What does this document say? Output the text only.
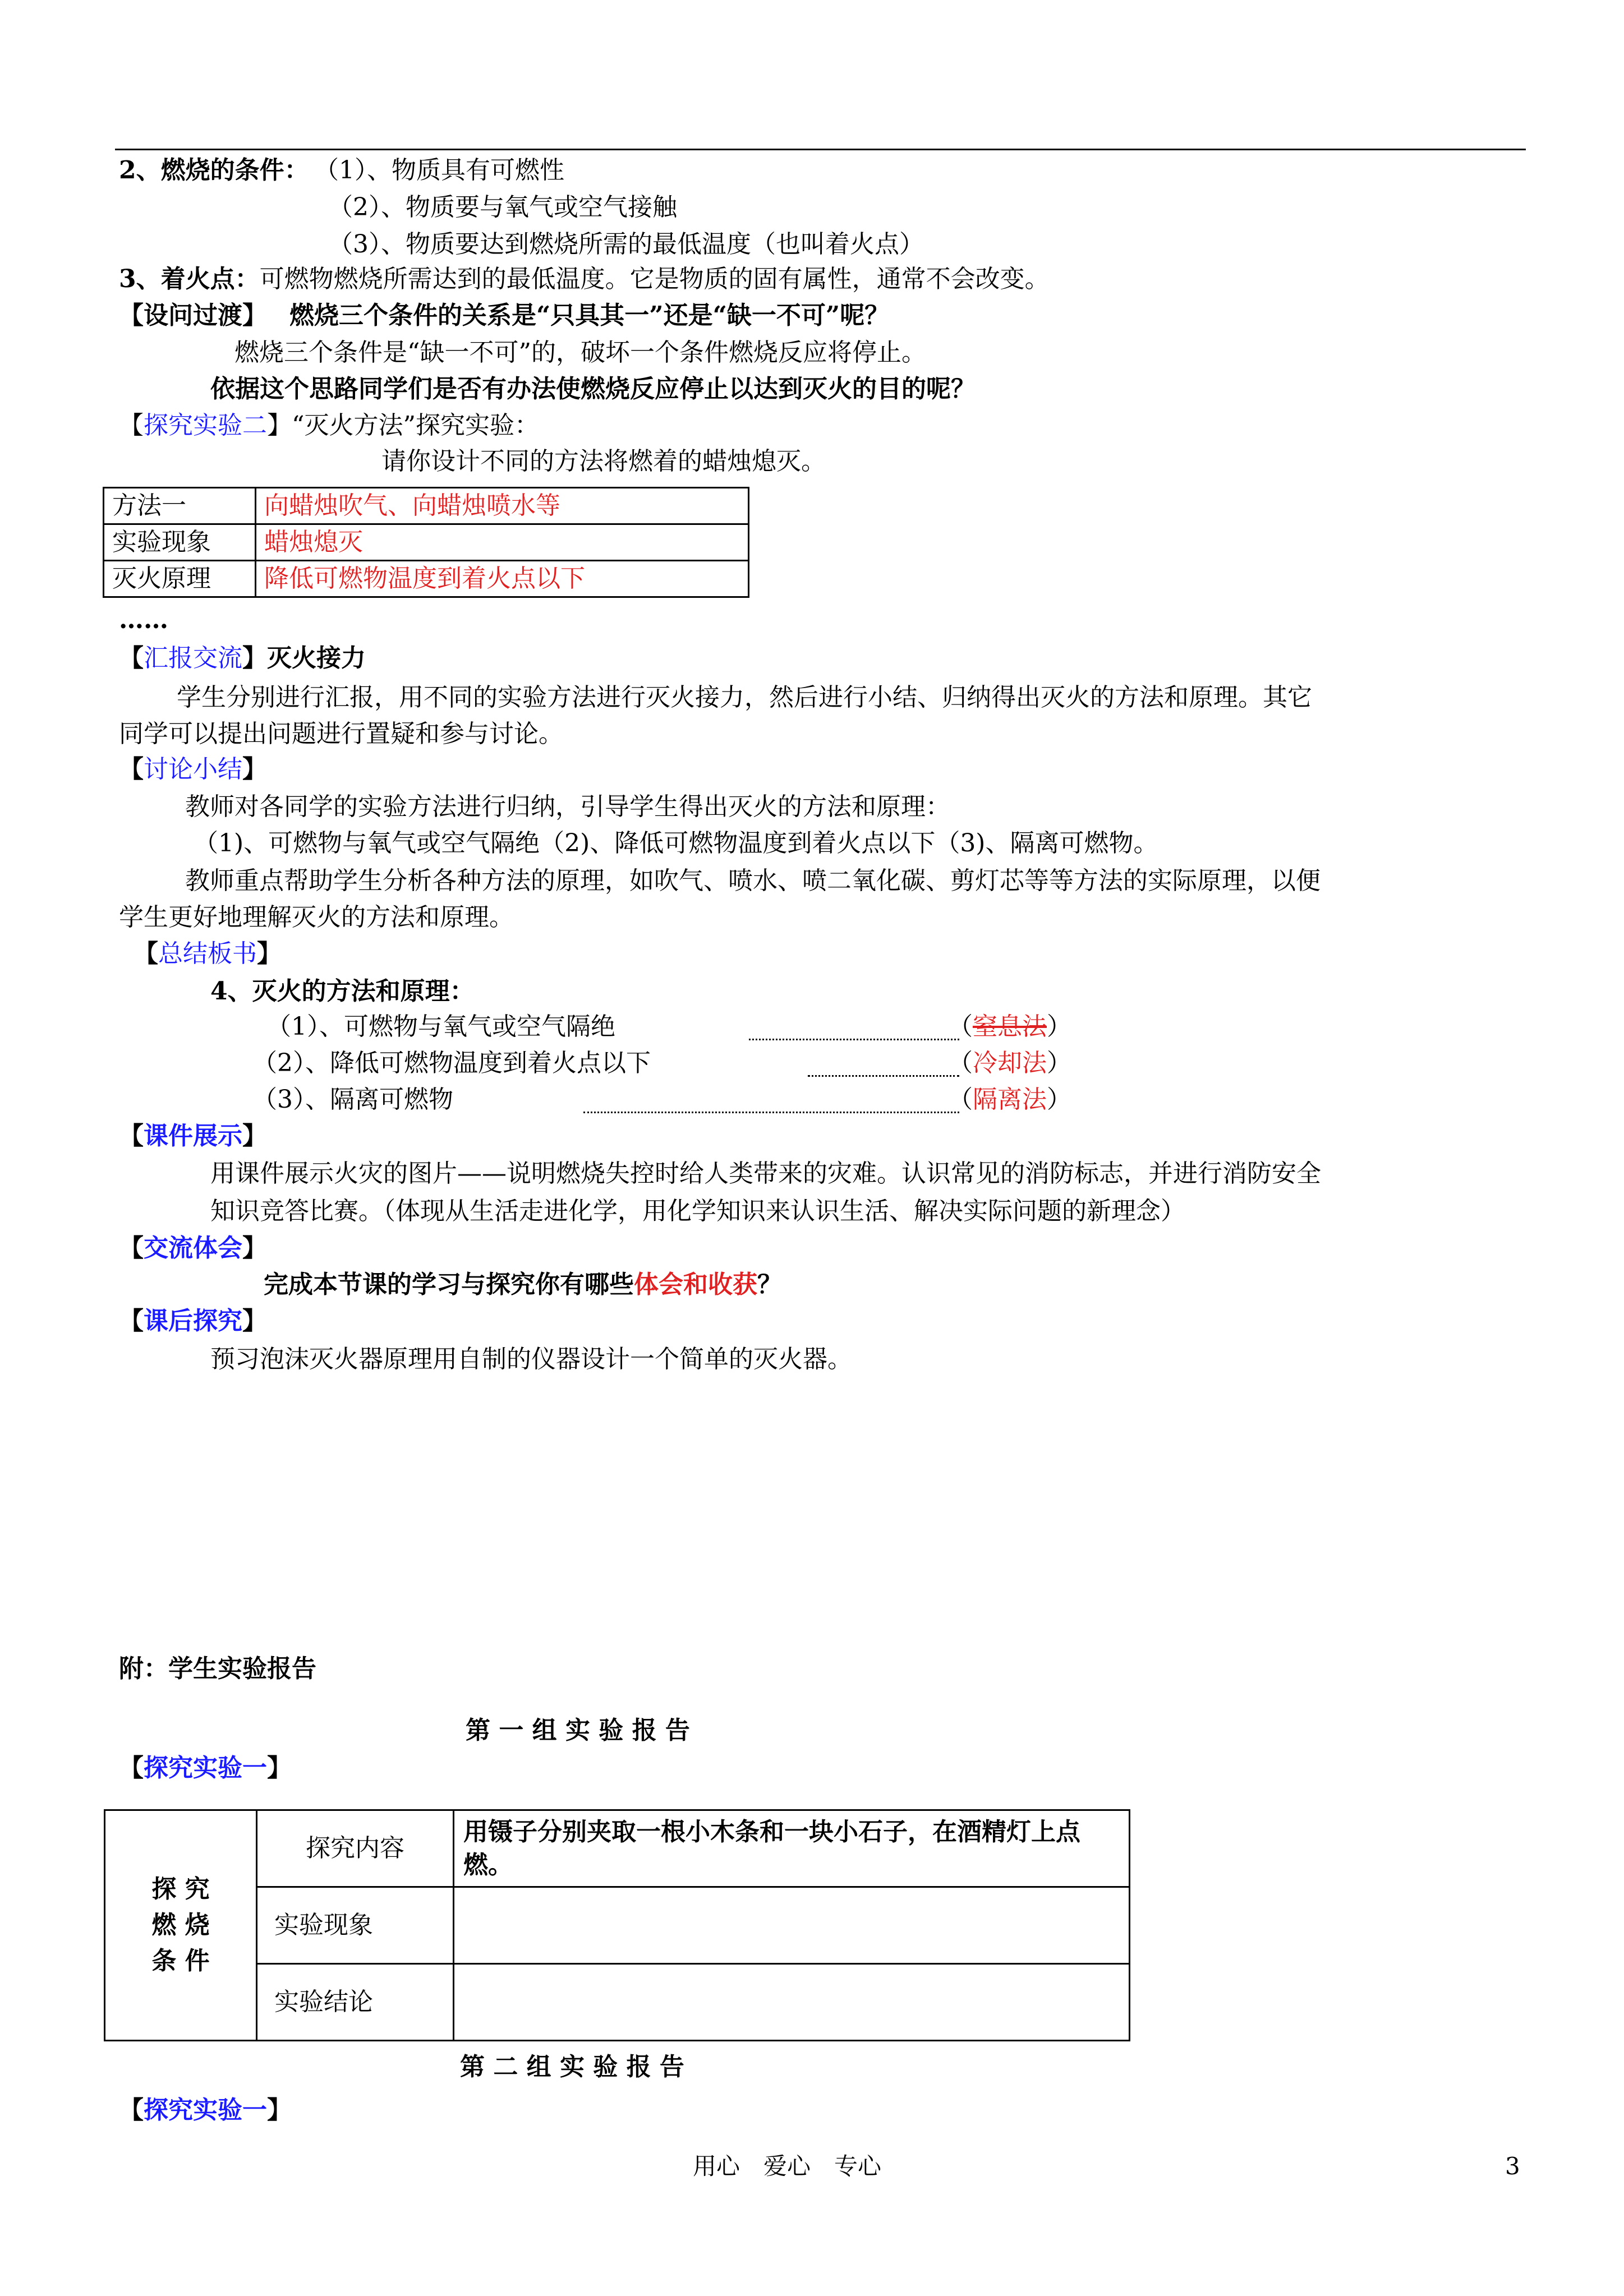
2、燃烧的条件： （1）、物质具有可燃性
（2）、物质要与氧气或空气接触
（3）、物质要达到燃烧所需的最低温度（也叫着火点）
3、着火点：可燃物燃烧所需达到的最低温度。它是物质的固有属性，通常不会改变。
【设问过渡】 燃烧三个条件的关系是“只具其一”还是“缺一不可”呢？
燃烧三个条件是“缺一不可”的，破坏一个条件燃烧反应将停止。
依据这个思路同学们是否有办法使燃烧反应停止以达到灭火的目的呢？
【探究实验二】“灭火方法”探究实验：
请你设计不同的方法将燃着的蜡烛熄灭。
方法一	向蜡烛吹气、向蜡烛喷水等
实验现象	蜡烛熄灭
灭火原理	降低可燃物温度到着火点以下
……
【汇报交流】灭火接力
学生分别进行汇报，用不同的实验方法进行灭火接力，然后进行小结、归纳得出灭火的方法和原理。其它
同学可以提出问题进行置疑和参与讨论。
【讨论小结】
教师对各同学的实验方法进行归纳，引导学生得出灭火的方法和原理：
（1)、可燃物与氧气或空气隔绝（2)、降低可燃物温度到着火点以下（3)、隔离可燃物。
教师重点帮助学生分析各种方法的原理，如吹气、喷水、喷二氧化碳、剪灯芯等等方法的实际原理，以便
学生更好地理解灭火的方法和原理。
【总结板书】
4、灭火的方法和原理：
（1）、可燃物与氧气或空气隔绝	（窒息法）
（2）、降低可燃物温度到着火点以下	（冷却法）
（3）、隔离可燃物	（隔离法）
【课件展示】
用课件展示火灾的图片——说明燃烧失控时给人类带来的灾难。认识常见的消防标志，并进行消防安全
知识竞答比赛。（体现从生活走进化学，用化学知识来认识生活、解决实际问题的新理念）
【交流体会】
完成本节课的学习与探究你有哪些体会和收获？
【课后探究】
预习泡沫灭火器原理用自制的仪器设计一个简单的灭火器。
附：学生实验报告
第 一 组 实 验 报 告
【探究实验一】
探 究
燃 烧
条 件	探究内容	用镊子分别夹取一根小木条和一块小石子，在酒精灯上点燃。
	实验现象	
	实验结论	
第 二 组 实 验 报 告
【探究实验一】
用心　爱心　专心	3
